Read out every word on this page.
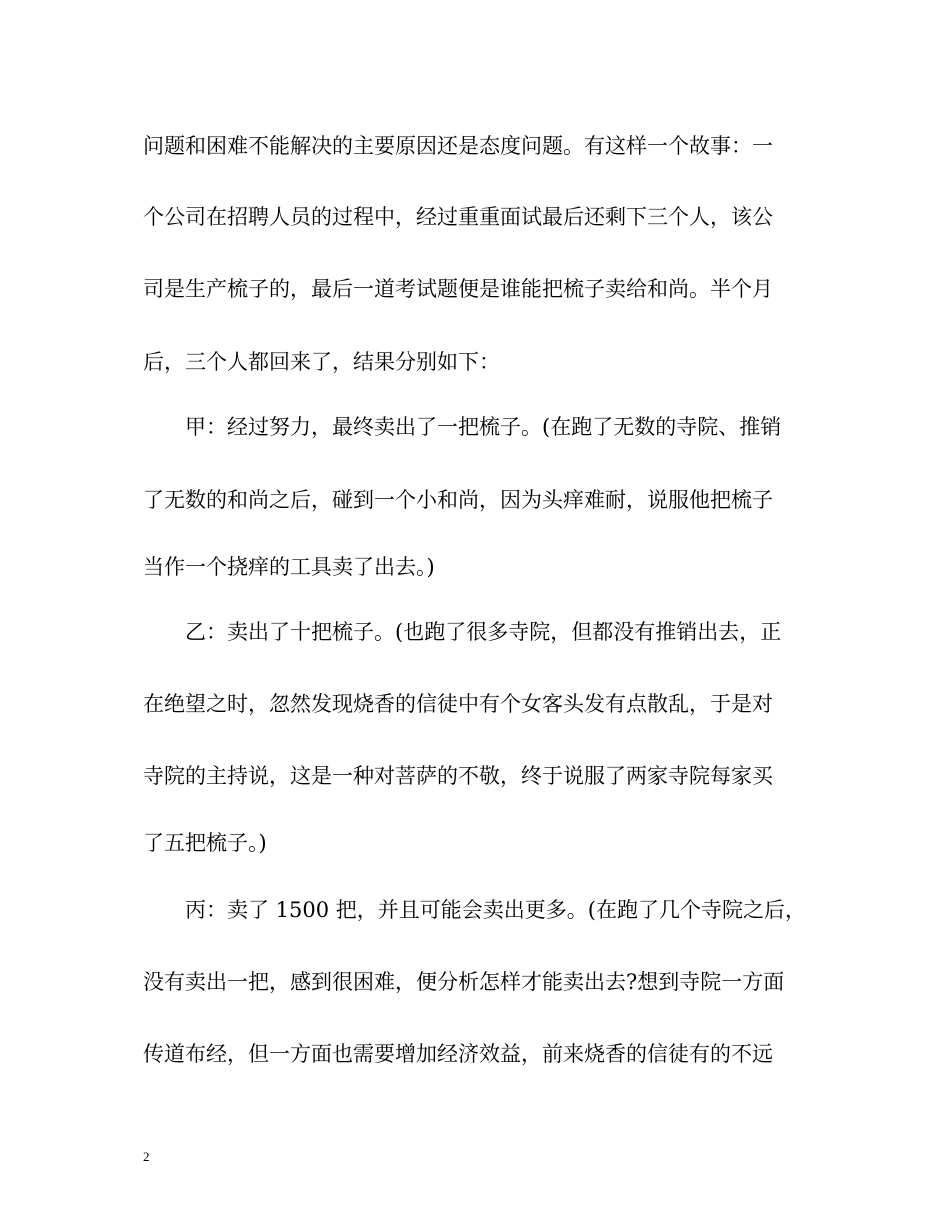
问题和困难不能解决的主要原因还是态度问题。有这样一个故事：一
个公司在招聘人员的过程中，经过重重面试最后还剩下三个人，该公
司是生产梳子的，最后一道考试题便是谁能把梳子卖给和尚。半个月
后，三个人都回来了，结果分别如下：
甲：经过努力，最终卖出了一把梳子。(在跑了无数的寺院、推销
了无数的和尚之后，碰到一个小和尚，因为头痒难耐，说服他把梳子
当作一个挠痒的工具卖了出去。)
乙：卖出了十把梳子。(也跑了很多寺院，但都没有推销出去，正
在绝望之时，忽然发现烧香的信徒中有个女客头发有点散乱，于是对
寺院的主持说，这是一种对菩萨的不敬，终于说服了两家寺院每家买
了五把梳子。)
丙：卖了 1500 把，并且可能会卖出更多。(在跑了几个寺院之后，
没有卖出一把，感到很困难，便分析怎样才能卖出去?想到寺院一方面
传道布经，但一方面也需要增加经济效益，前来烧香的信徒有的不远
2
